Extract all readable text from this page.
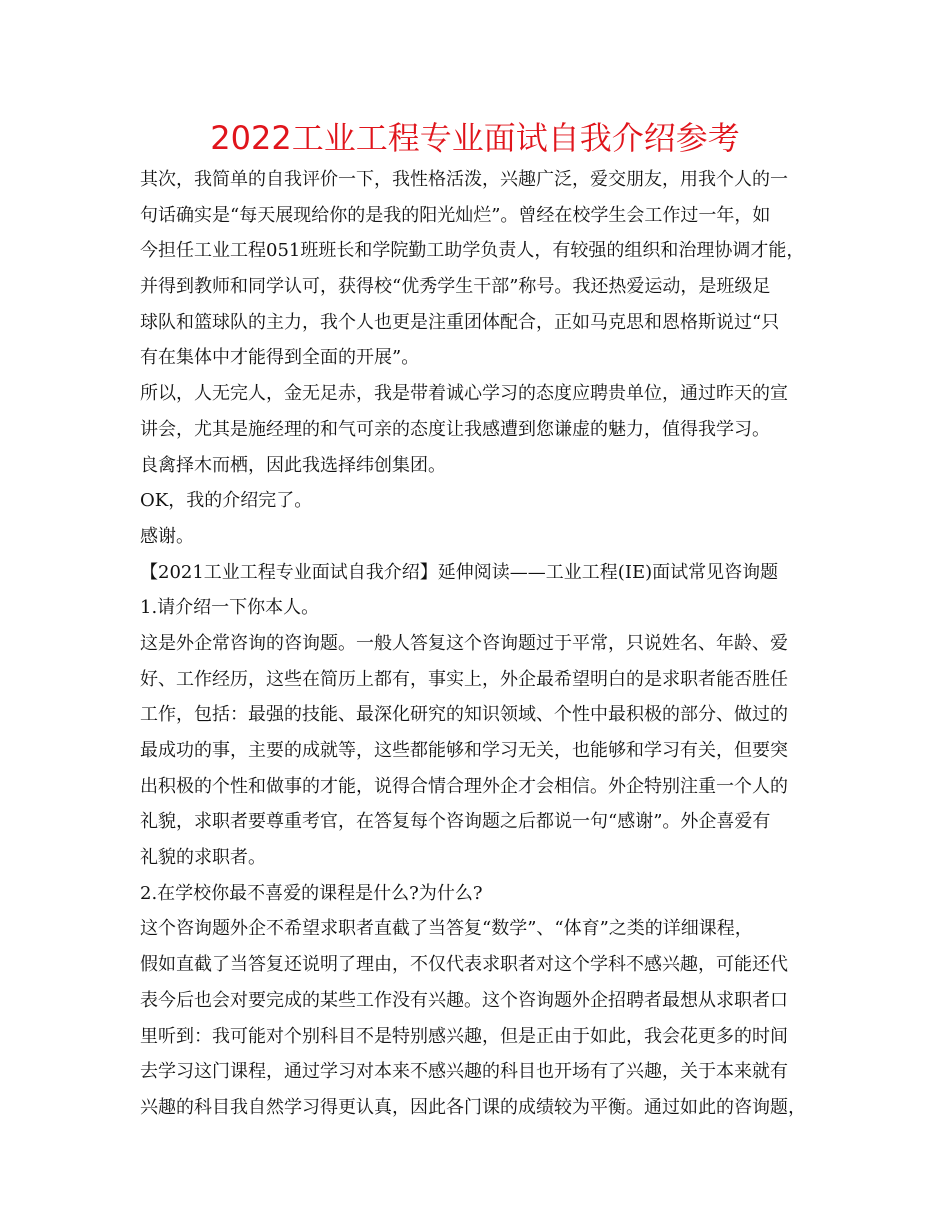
2022工业工程专业面试自我介绍参考
其次，我简单的自我评价一下，我性格活泼，兴趣广泛，爱交朋友，用我个人的一
句话确实是“每天展现给你的是我的阳光灿烂”。曾经在校学生会工作过一年，如
今担任工业工程051班班长和学院勤工助学负责人，有较强的组织和治理协调才能，
并得到教师和同学认可，获得校“优秀学生干部”称号。我还热爱运动，是班级足
球队和篮球队的主力，我个人也更是注重团体配合，正如马克思和恩格斯说过“只
有在集体中才能得到全面的开展”。
所以，人无完人，金无足赤，我是带着诚心学习的态度应聘贵单位，通过昨天的宣
讲会，尤其是施经理的和气可亲的态度让我感遭到您谦虚的魅力，值得我学习。
良禽择木而栖，因此我选择纬创集团。
OK，我的介绍完了。
感谢。
【2021工业工程专业面试自我介绍】延伸阅读——工业工程(IE)面试常见咨询题
1.请介绍一下你本人。
这是外企常咨询的咨询题。一般人答复这个咨询题过于平常，只说姓名、年龄、爱
好、工作经历，这些在简历上都有，事实上，外企最希望明白的是求职者能否胜任
工作，包括：最强的技能、最深化研究的知识领域、个性中最积极的部分、做过的
最成功的事，主要的成就等，这些都能够和学习无关，也能够和学习有关，但要突
出积极的个性和做事的才能，说得合情合理外企才会相信。外企特别注重一个人的
礼貌，求职者要尊重考官，在答复每个咨询题之后都说一句“感谢”。外企喜爱有
礼貌的求职者。
2.在学校你最不喜爱的课程是什么?为什么?
这个咨询题外企不希望求职者直截了当答复“数学”、“体育”之类的详细课程，
假如直截了当答复还说明了理由，不仅代表求职者对这个学科不感兴趣，可能还代
表今后也会对要完成的某些工作没有兴趣。这个咨询题外企招聘者最想从求职者口
里听到：我可能对个别科目不是特别感兴趣，但是正由于如此，我会花更多的时间
去学习这门课程，通过学习对本来不感兴趣的科目也开场有了兴趣，关于本来就有
兴趣的科目我自然学习得更认真，因此各门课的成绩较为平衡。通过如此的咨询题，
